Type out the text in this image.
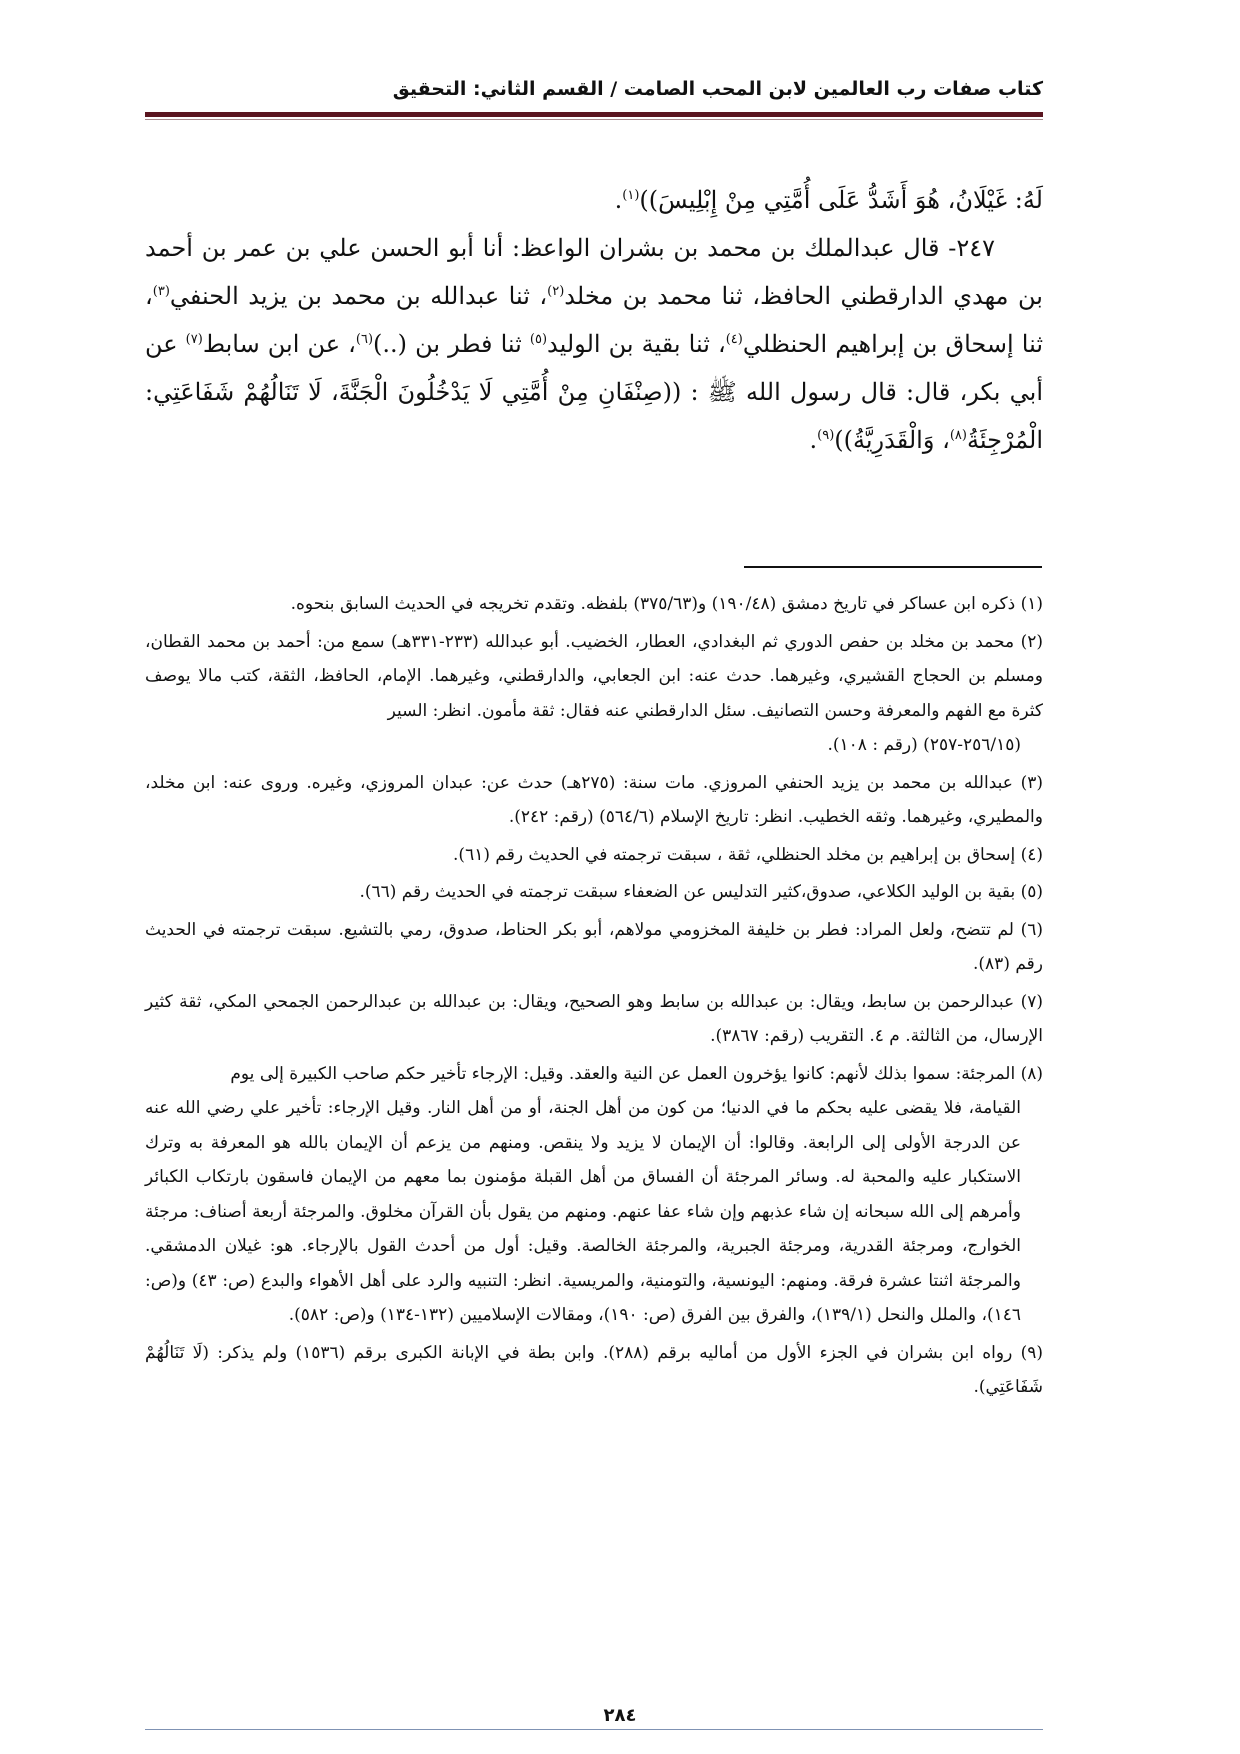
كتاب صفات رب العالمين لابن المحب الصامت / القسم الثاني: التحقيق

لَهُ: غَيْلَانُ، هُوَ أَشَدُّ عَلَى أُمَّتِي مِنْ إِبْلِيسَ))$^{(١)}$.

  ٢٤٧- قال عبدالملك بن محمد بن بشران الواعظ: أنا أبو الحسن علي بن عمر بن أحمد بن مهدي الدارقطني الحافظ، ثنا محمد بن مخلد$^{(٢)}$، ثنا عبدالله بن محمد بن يزيد الحنفي$^{(٣)}$، ثنا إسحاق بن إبراهيم الحنظلي$^{(٤)}$، ثنا بقية بن الوليد$^{(٥)}$ ثنا فطر بن (..)$^{(٦)}$، عن ابن سابط$^{(٧)}$ عن أبي بكر، قال: قال رسول الله ﷺ : ((صِنْفَانِ مِنْ أُمَّتِي لَا يَدْخُلُونَ الْجَنَّةَ، لَا تَنَالُهُمْ شَفَاعَتِي: الْمُرْجِئَةُ$^{(٨)}$، وَالْقَدَرِيَّةُ))$^{(٩)}$.

(١) ذكره ابن عساكر في تاريخ دمشق (١٩٠/٤٨) و(٣٧٥/٦٣) بلفظه. وتقدم تخريجه في الحديث السابق بنحوه.
(٢) محمد بن مخلد بن حفص الدوري ثم البغدادي، العطار، الخضيب. أبو عبدالله (٢٣٣-٣٣١هـ) سمع من: أحمد بن محمد القطان، ومسلم بن الحجاج القشيري، وغيرهما. حدث عنه: ابن الجعابي، والدارقطني، وغيرهما. الإمام، الحافظ، الثقة، كتب مالا يوصف كثرة مع الفهم والمعرفة وحسن التصانيف. سئل الدارقطني عنه فقال: ثقة مأمون. انظر: السير
(٢٥٦/١٥-٢٥٧) (رقم : ١٠٨).
(٣) عبدالله بن محمد بن يزيد الحنفي المروزي. مات سنة: (٢٧٥هـ) حدث عن: عبدان المروزي، وغيره. وروى عنه: ابن مخلد، والمطيري، وغيرهما. وثقه الخطيب. انظر: تاريخ الإسلام (٥٦٤/٦) (رقم: ٢٤٢).
(٤) إسحاق بن إبراهيم بن مخلد الحنظلي، ثقة ، سبقت ترجمته في الحديث رقم (٦١).
(٥) بقية بن الوليد الكلاعي، صدوق،كثير التدليس عن الضعفاء سبقت ترجمته في الحديث رقم (٦٦).
(٦) لم تتضح، ولعل المراد: فطر بن خليفة المخزومي مولاهم، أبو بكر الحناط، صدوق، رمي بالتشيع. سبقت ترجمته في الحديث رقم (٨٣).
(٧) عبدالرحمن بن سابط، ويقال: بن عبدالله بن سابط وهو الصحيح، ويقال: بن عبدالله بن عبدالرحمن الجمحي المكي، ثقة كثير الإرسال، من الثالثة. م ٤. التقريب (رقم: ٣٨٦٧).
(٨) المرجئة: سموا بذلك لأنهم: كانوا يؤخرون العمل عن النية والعقد. وقيل: الإرجاء تأخير حكم صاحب الكبيرة إلى يوم
القيامة، فلا يقضى عليه بحكم ما في الدنيا؛ من كون من أهل الجنة، أو من أهل النار. وقيل الإرجاء: تأخير علي رضي الله عنه عن الدرجة الأولى إلى الرابعة. وقالوا: أن الإيمان لا يزيد ولا ينقص. ومنهم من يزعم أن الإيمان بالله هو المعرفة به وترك الاستكبار عليه والمحبة له. وسائر المرجئة أن الفساق من أهل القبلة مؤمنون بما معهم من الإيمان فاسقون بارتكاب الكبائر وأمرهم إلى الله سبحانه إن شاء عذبهم وإن شاء عفا عنهم. ومنهم من يقول بأن القرآن مخلوق. والمرجئة أربعة أصناف: مرجئة الخوارج، ومرجئة القدرية، ومرجئة الجبرية، والمرجئة الخالصة. وقيل: أول من أحدث القول بالإرجاء. هو: غيلان الدمشقي. والمرجئة اثنتا عشرة فرقة. ومنهم: اليونسية، والتومنية، والمريسية. انظر: التنبيه والرد على أهل الأهواء والبدع (ص: ٤٣) و(ص: ١٤٦)، والملل والنحل (١٣٩/١)، والفرق بين الفرق (ص: ١٩٠)، ومقالات الإسلاميين (١٣٢-١٣٤) و(ص: ٥٨٢).
(٩) رواه ابن بشران في الجزء الأول من أماليه برقم (٢٨٨). وابن بطة في الإبانة الكبرى برقم (١٥٣٦) ولم يذكر: (لَا تَنَالُهُمْ شَفَاعَتِي).
٢٨٤
